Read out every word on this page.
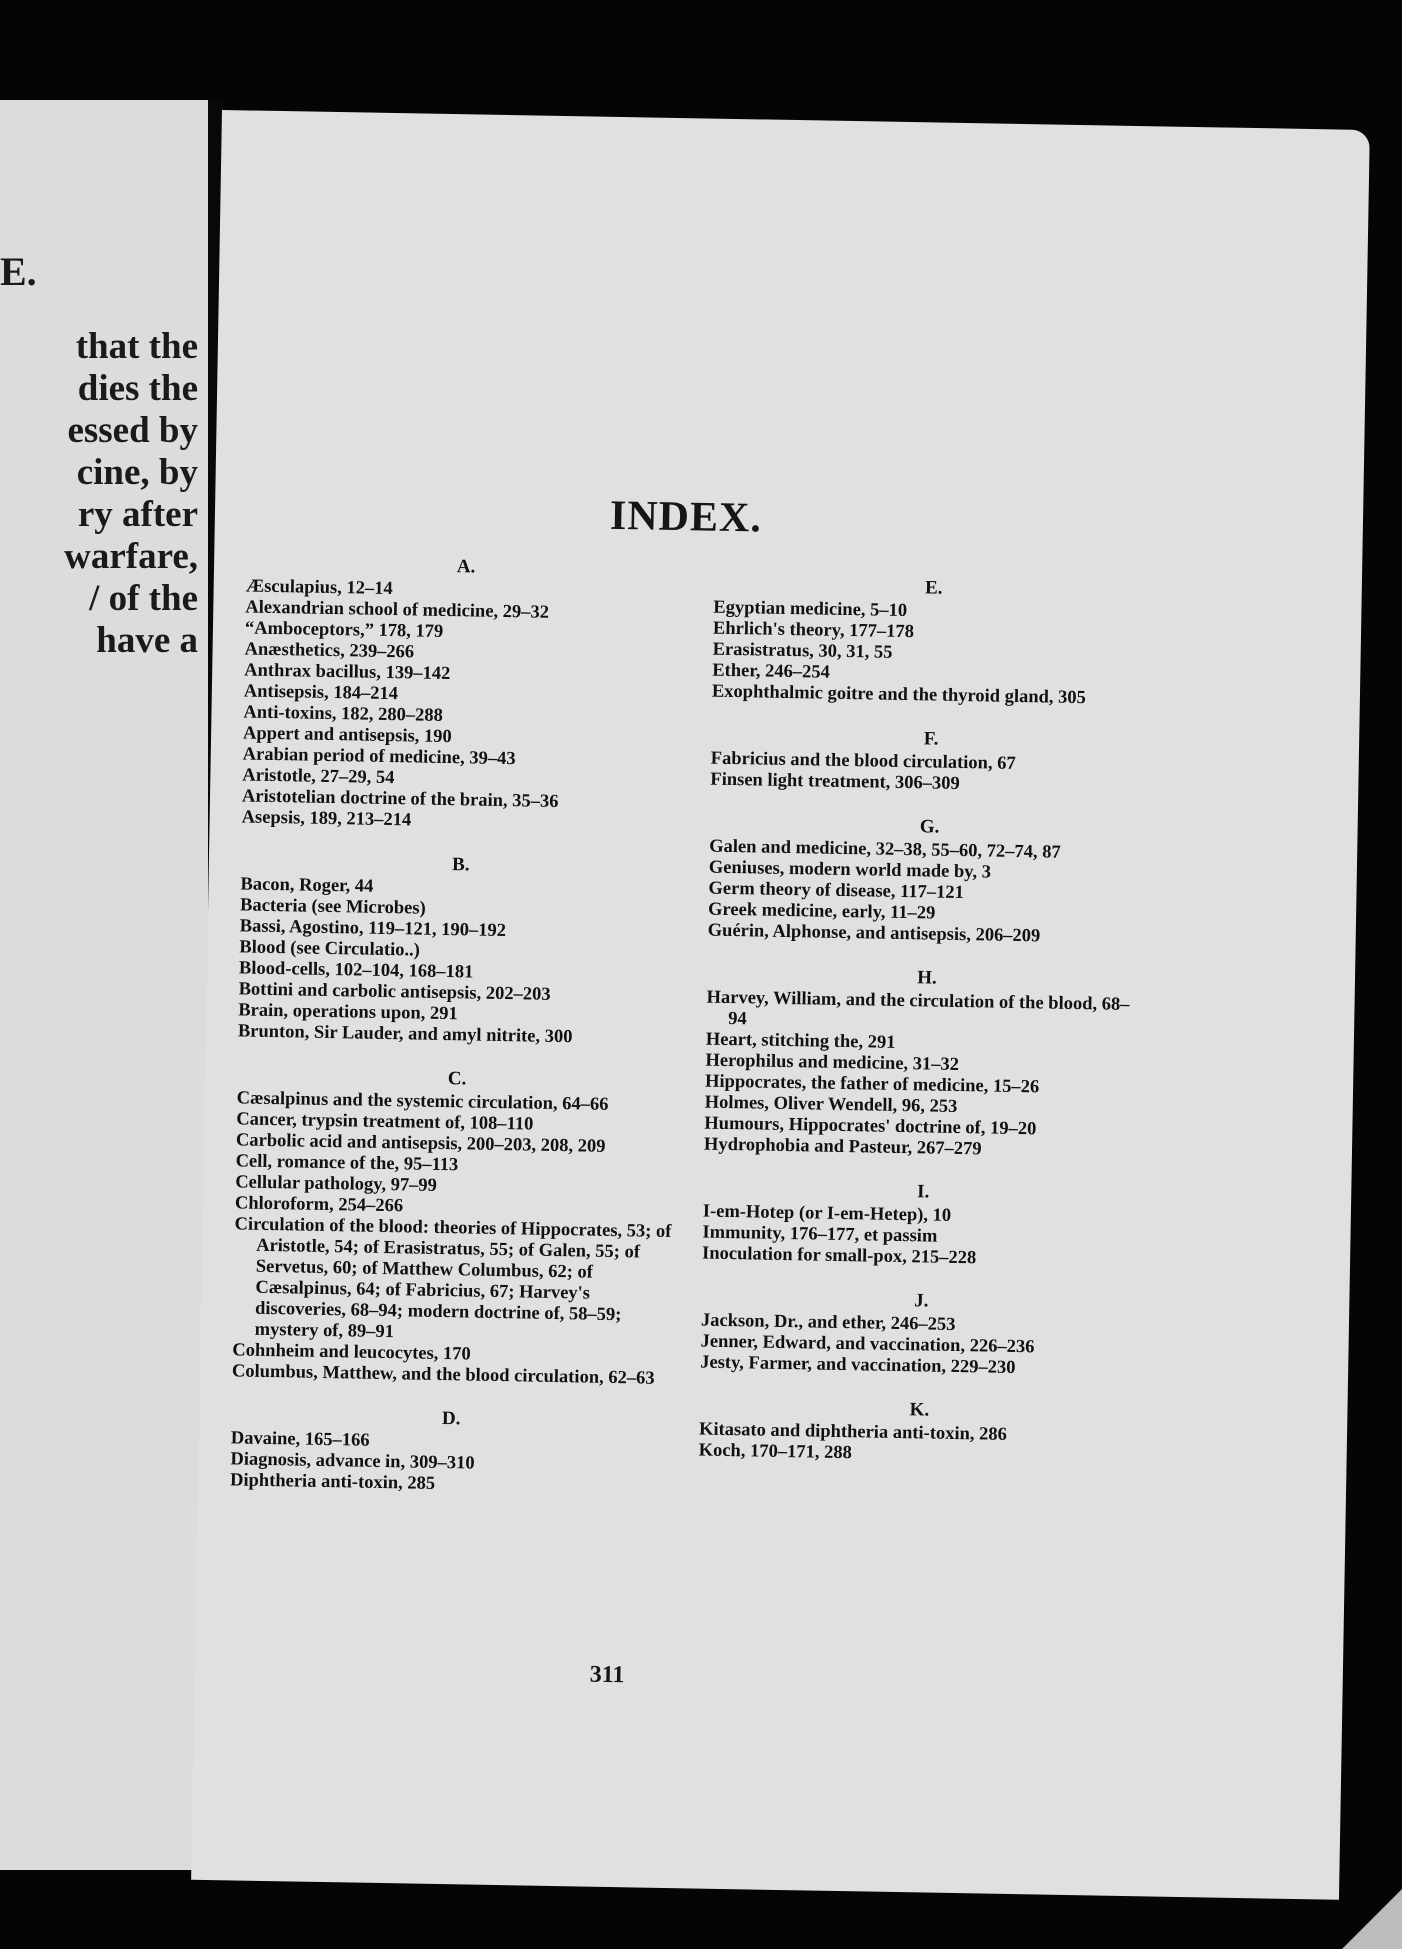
E.
that the
dies the
essed by
cine, by
ry after
warfare,
/ of the
have a
INDEX.
A.
Æsculapius, 12–14
Alexandrian school of medicine, 29–32
“Amboceptors,” 178, 179
Anæsthetics, 239–266
Anthrax bacillus, 139–142
Antisepsis, 184–214
Anti-toxins, 182, 280–288
Appert and antisepsis, 190
Arabian period of medicine, 39–43
Aristotle, 27–29, 54
Aristotelian doctrine of the brain, 35–36
Asepsis, 189, 213–214
B.
Bacon, Roger, 44
Bacteria (see Microbes)
Bassi, Agostino, 119–121, 190–192
Blood (see Circulatio..)
Blood-cells, 102–104, 168–181
Bottini and carbolic antisepsis, 202–203
Brain, operations upon, 291
Brunton, Sir Lauder, and amyl nitrite, 300
C.
Cæsalpinus and the systemic circulation, 64–66
Cancer, trypsin treatment of, 108–110
Carbolic acid and antisepsis, 200–203, 208, 209
Cell, romance of the, 95–113
Cellular pathology, 97–99
Chloroform, 254–266
Circulation of the blood: theories of Hippocrates, 53; of Aristotle, 54; of Erasistratus, 55; of Galen, 55; of Servetus, 60; of Matthew Columbus, 62; of Cæsalpinus, 64; of Fabricius, 67; Harvey's discoveries, 68–94; modern doctrine of, 58–59; mystery of, 89–91
Cohnheim and leucocytes, 170
Columbus, Matthew, and the blood circulation, 62–63
D.
Davaine, 165–166
Diagnosis, advance in, 309–310
Diphtheria anti-toxin, 285
E.
Egyptian medicine, 5–10
Ehrlich's theory, 177–178
Erasistratus, 30, 31, 55
Ether, 246–254
Exophthalmic goitre and the thyroid gland, 305
F.
Fabricius and the blood circulation, 67
Finsen light treatment, 306–309
G.
Galen and medicine, 32–38, 55–60, 72–74, 87
Geniuses, modern world made by, 3
Germ theory of disease, 117–121
Greek medicine, early, 11–29
Guérin, Alphonse, and antisepsis, 206–209
H.
Harvey, William, and the circulation of the blood, 68–94
Heart, stitching the, 291
Herophilus and medicine, 31–32
Hippocrates, the father of medicine, 15–26
Holmes, Oliver Wendell, 96, 253
Humours, Hippocrates' doctrine of, 19–20
Hydrophobia and Pasteur, 267–279
I.
I-em-Hotep (or I-em-Hetep), 10
Immunity, 176–177, et passim
Inoculation for small-pox, 215–228
J.
Jackson, Dr., and ether, 246–253
Jenner, Edward, and vaccination, 226–236
Jesty, Farmer, and vaccination, 229–230
K.
Kitasato and diphtheria anti-toxin, 286
Koch, 170–171, 288
311
